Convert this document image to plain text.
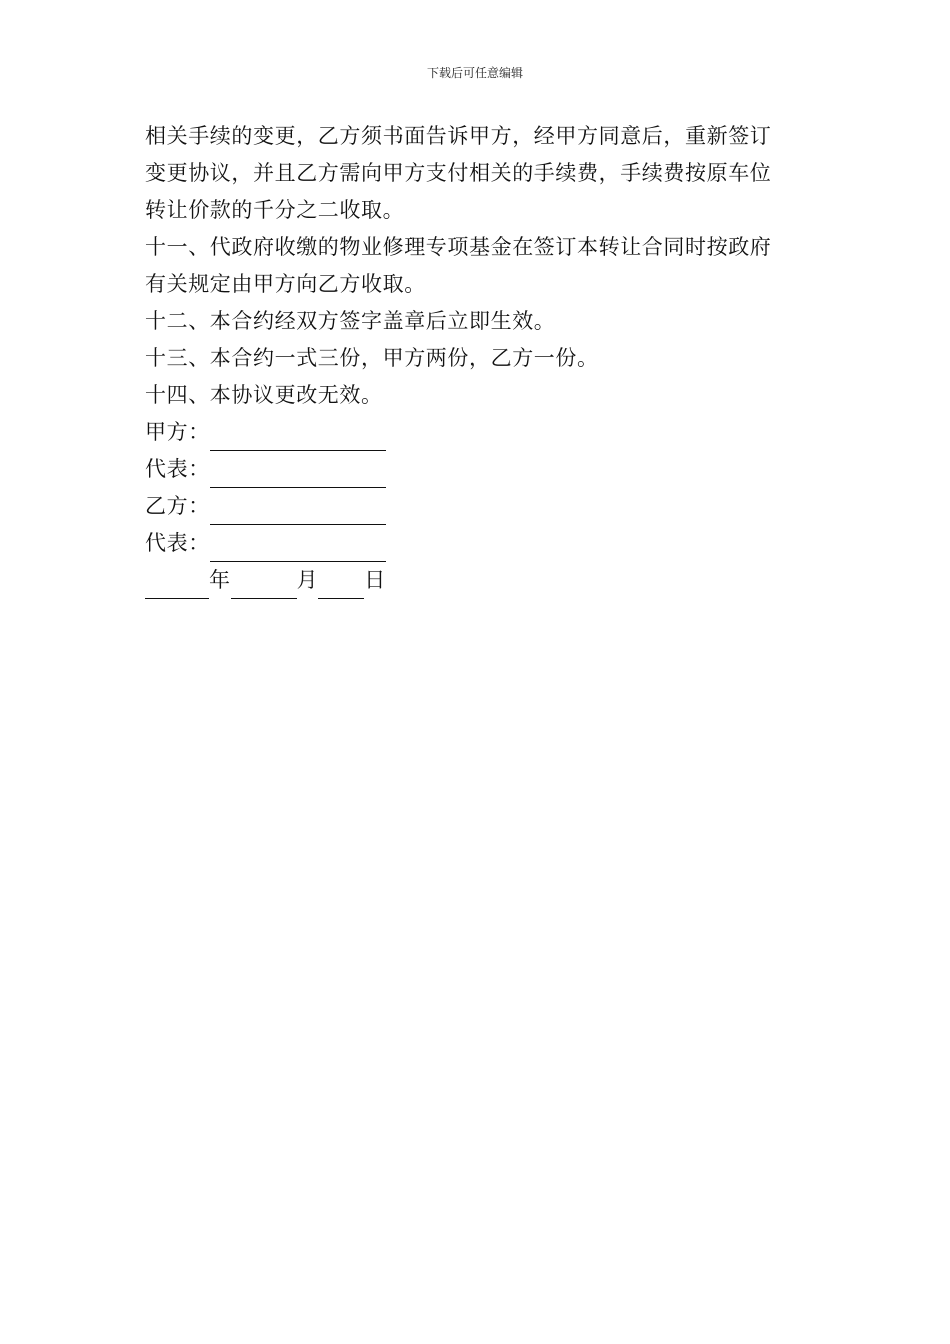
下载后可任意编辑
相关手续的变更，乙方须书面告诉甲方，经甲方同意后，重新签订
变更协议，并且乙方需向甲方支付相关的手续费，手续费按原车位
转让价款的千分之二收取。
十一、代政府收缴的物业修理专项基金在签订本转让合同时按政府
有关规定由甲方向乙方收取。
十二、本合约经双方签字盖章后立即生效。
十三、本合约一式三份，甲方两份，乙方一份。
十四、本协议更改无效。
甲方：
代表：
乙方：
代表：
年	月 日
